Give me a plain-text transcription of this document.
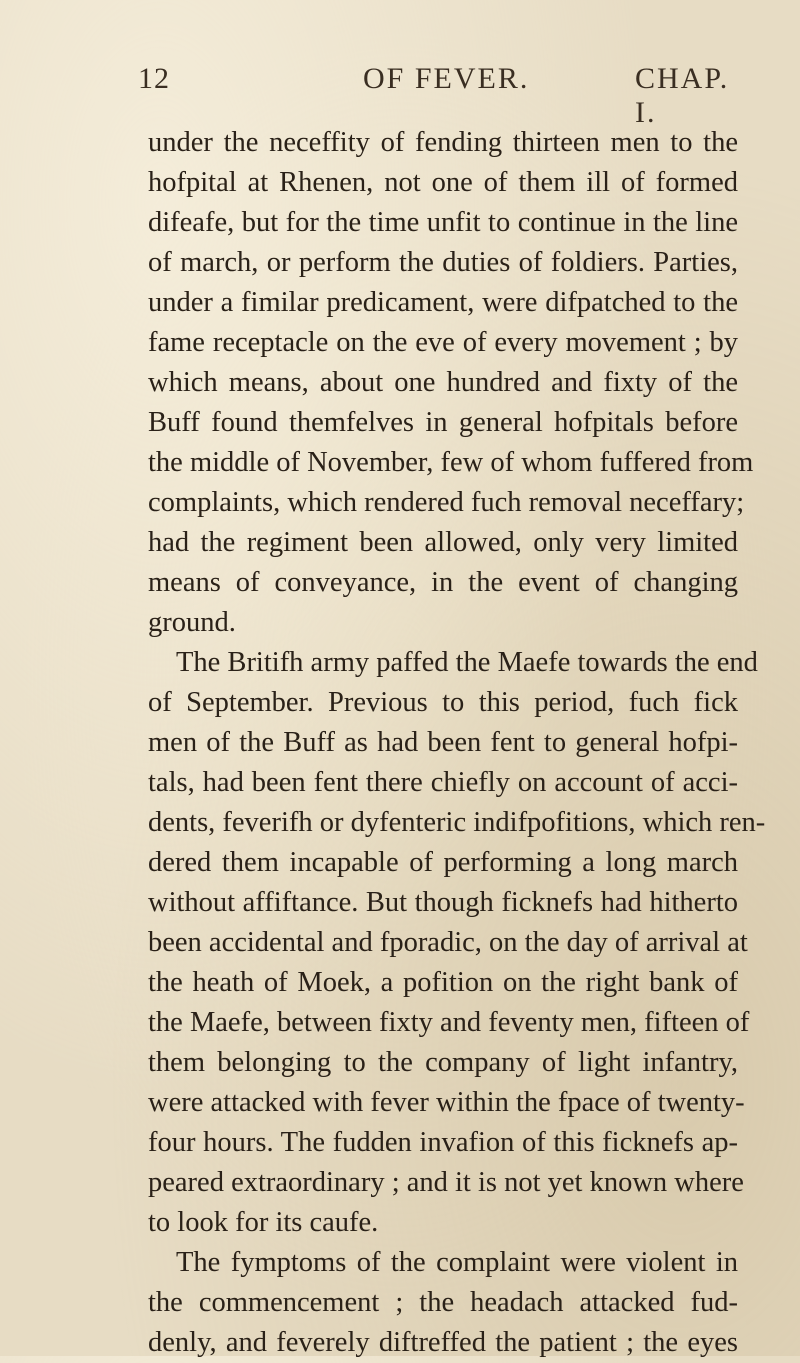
12	OF FEVER.	CHAP. I.
under the neceffity of fending thirteen men to the
hofpital at Rhenen, not one of them ill of formed
difeafe, but for the time unfit to continue in the line
of march, or perform the duties of foldiers. Parties,
under a fimilar predicament, were difpatched to the
fame receptacle on the eve of every movement ; by
which means, about one hundred and fixty of the
Buff found themfelves in general hofpitals before
the middle of November, few of whom fuffered from
complaints, which rendered fuch removal neceffary;
had the regiment been allowed, only very limited
means of conveyance, in the event of changing
ground.
The Britifh army paffed the Maefe towards the end
of September. Previous to this period, fuch fick
men of the Buff as had been fent to general hofpi-
tals, had been fent there chiefly on account of acci-
dents, feverifh or dyfenteric indifpofitions, which ren-
dered them incapable of performing a long march
without affiftance. But though ficknefs had hitherto
been accidental and fporadic, on the day of arrival at
the heath of Moek, a pofition on the right bank of
the Maefe, between fixty and feventy men, fifteen of
them belonging to the company of light infantry,
were attacked with fever within the fpace of twenty-
four hours. The fudden invafion of this ficknefs ap-
peared extraordinary ; and it is not yet known where
to look for its caufe.
The fymptoms of the complaint were violent in
the commencement ; the headach attacked fud-
denly, and feverely diftreffed the patient ; the eyes
